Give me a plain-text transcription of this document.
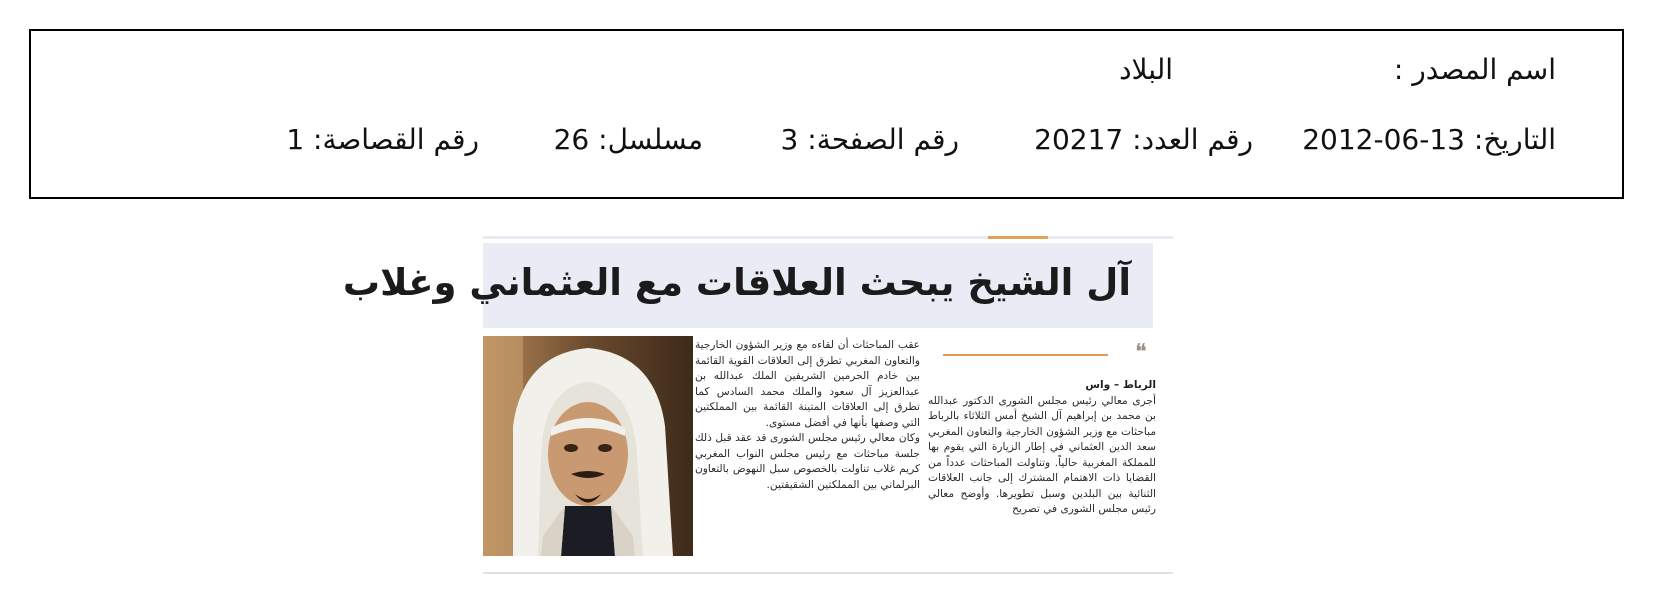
اسم المصدر :
البلاد
التاريخ: 13-06-2012
رقم العدد: 20217
رقم الصفحة: 3
مسلسل: 26
رقم القصاصة: 1
آل الشيخ يبحث العلاقات مع العثماني وغلاب

عقب المباحثات أن لقاءه مع وزير الشؤون الخارجية والتعاون المغربي تطرق إلى العلاقات القوية القائمة بين خادم الحرمين الشريفين الملك عبدالله بن عبدالعزيز آل سعود والملك محمد السادس كما تطرق إلى العلاقات المتينة القائمة بين المملكتين التي وصفها بأنها في أفضل مستوى.

وكان معالي رئيس مجلس الشورى قد عقد قبل ذلك جلسة مباحثات مع رئيس مجلس النواب المغربي كريم غلاب تناولت بالخصوص سبل النهوض بالتعاون البرلماني بين المملكتين الشقيقتين.

❝

الرباط – واس

أجرى معالي رئيس مجلس الشورى الدكتور عبدالله بن محمد بن إبراهيم آل الشيخ أمس الثلاثاء بالرباط مباحثات مع وزير الشؤون الخارجية والتعاون المغربي سعد الدين العثماني في إطار الزيارة التي يقوم بها للمملكة المغربية حالياً. وتناولت المباحثات عدداً من القضايا ذات الاهتمام المشترك إلى جانب العلاقات الثنائية بين البلدين وسبل تطويرها. وأوضح معالي رئيس مجلس الشورى في تصريح
